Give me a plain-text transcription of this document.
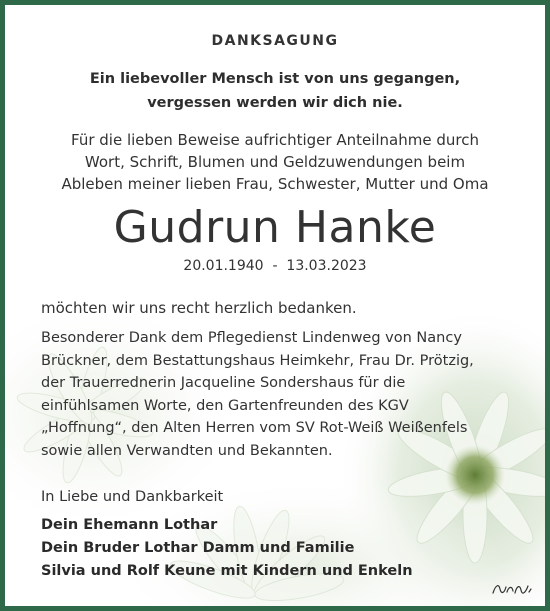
DANKSAGUNG
Ein liebevoller Mensch ist von uns gegangen,
vergessen werden wir dich nie.
Für die lieben Beweise aufrichtiger Anteilnahme durch
Wort, Schrift, Blumen und Geldzuwendungen beim
Ableben meiner lieben Frau, Schwester, Mutter und Oma
Gudrun Hanke
20.01.1940  -  13.03.2023
möchten wir uns recht herzlich bedanken.
Besonderer Dank dem Pflegedienst Lindenweg von Nancy
Brückner, dem Bestattungshaus Heimkehr, Frau Dr. Prötzig,
der Trauerrednerin Jacqueline Sondershaus für die
einfühlsamen Worte, den Gartenfreunden des KGV
„Hoffnung“, den Alten Herren vom SV Rot-Weiß Weißenfels
sowie allen Verwandten und Bekannten.
In Liebe und Dankbarkeit
Dein Ehemann Lothar
Dein Bruder Lothar Damm und Familie
Silvia und Rolf Keune mit Kindern und Enkeln
